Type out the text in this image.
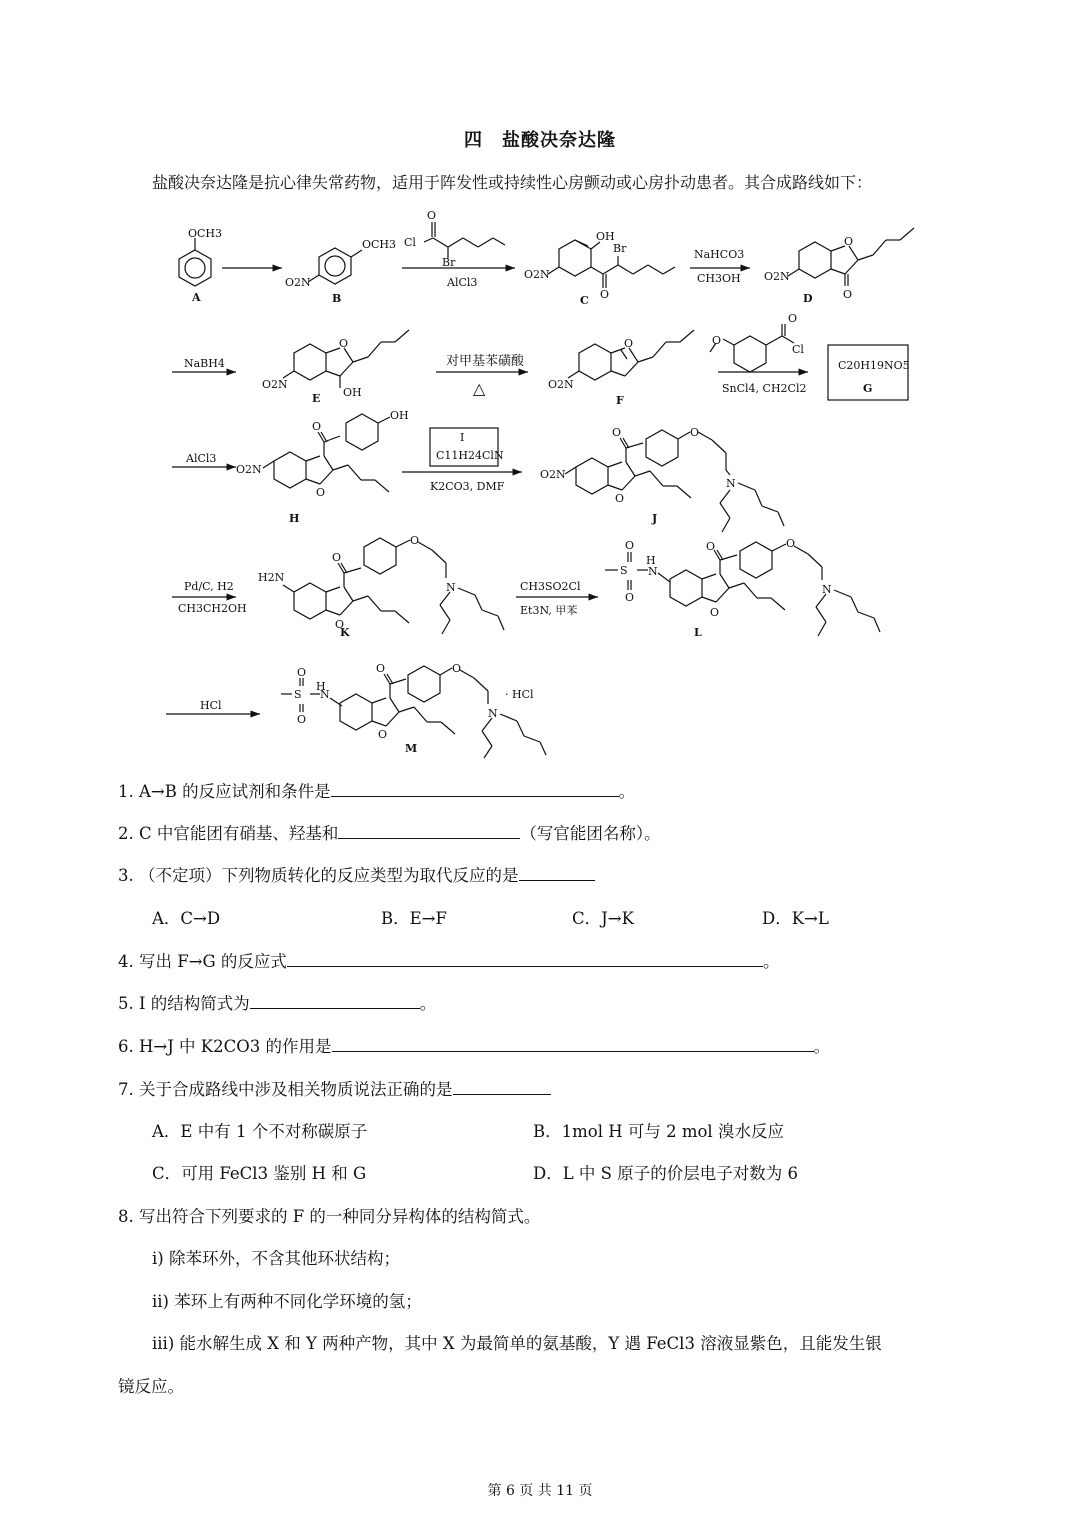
四　盐酸决奈达隆
盐酸决奈达隆是抗心律失常药物，适用于阵发性或持续性心房颤动或心房扑动患者。其合成路线如下：
OCH3
A
OCH3
O2N
B
O
Cl
Br
AlCl3
OH
Br
O2N
O
C
NaHCO3
CH3OH
O
O2N
O
D
NaBH4
O
O2N
OH
E
对甲基苯磺酸
△
O
O2N
F
O
O
Cl
SnCl4, CH2Cl2
C20H19NO5
G
AlCl3
O
OH
O2N
O
H
I
C11H24ClN
K2CO3, DMF
O	O
N
O2N
O
J
Pd/C, H2
CH3CH2OH
O
O
N
H2N
O
K
CH3SO2Cl
Et3N, 甲苯
S
O
O
H
N
O	O
N
O
L
HCl
S
O
O
H
N
O	O
N
· HCl
O
M
1. A→B 的反应试剂和条件是	。
2. C 中官能团有硝基、羟基和	（写官能团名称）。
3. （不定项）下列物质转化的反应类型为取代反应的是
A．C→D	B．E→F	C．J→K	D．K→L
4. 写出 F→G 的反应式	。
5. I 的结构简式为	。
6. H→J 中 K2CO3 的作用是	。
7. 关于合成路线中涉及相关物质说法正确的是
A．E 中有 1 个不对称碳原子	B．1mol H 可与 2 mol 溴水反应
C．可用 FeCl3 鉴别 H 和 G	D．L 中 S 原子的价层电子对数为 6
8. 写出符合下列要求的 F 的一种同分异构体的结构简式。
i) 除苯环外，不含其他环状结构；
ii) 苯环上有两种不同化学环境的氢；
iii) 能水解生成 X 和 Y 两种产物，其中 X 为最简单的氨基酸，Y 遇 FeCl3 溶液显紫色，且能发生银
镜反应。
第 6 页 共 11 页
